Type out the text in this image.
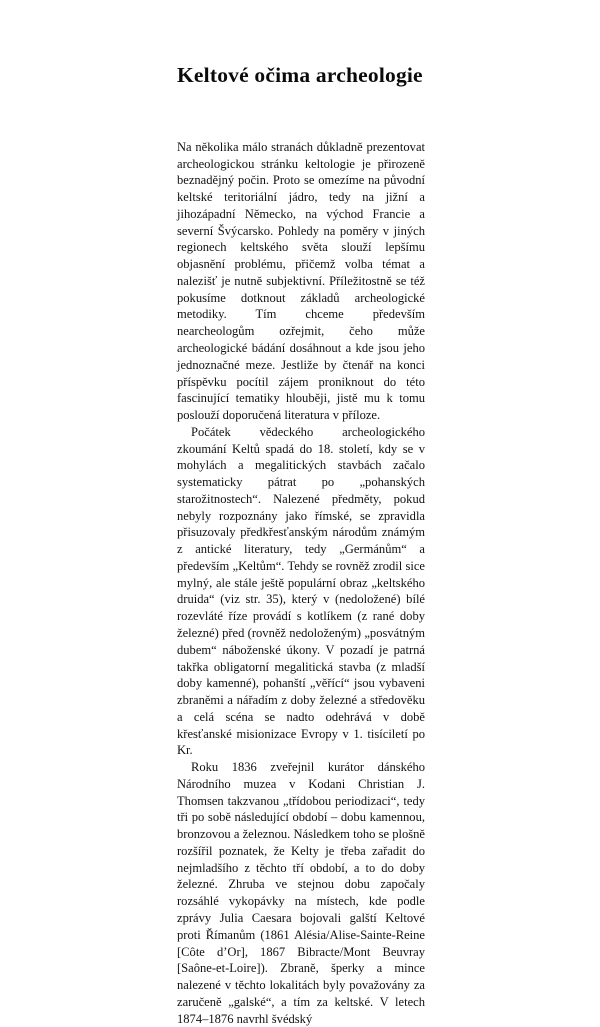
Keltové očima archeologie

Na několika málo stranách důkladně prezentovat archeologickou stránku keltologie je přirozeně beznadějný počin. Proto se omezíme na původní keltské teritoriální jádro, tedy na jižní a jihozápadní Německo, na východ Francie a severní Švýcarsko. Pohledy na poměry v jiných regionech keltského světa slouží lepšímu objasnění problému, přičemž volba témat a nalezišť je nutně subjektivní. Příležitostně se též pokusíme dotknout základů archeologické metodiky. Tím chceme především nearcheologům ozřejmit, čeho může archeologické bádání dosáhnout a kde jsou jeho jednoznačné meze. Jestliže by čtenář na konci příspěvku pocítil zájem proniknout do této fascinující tematiky hlouběji, jistě mu k tomu poslouží doporučená literatura v příloze.

Počátek vědeckého archeologického zkoumání Keltů spadá do 18. století, kdy se v mohylách a megalitických stavbách začalo systematicky pátrat po „pohanských starožitnostech“. Nalezené předměty, pokud nebyly rozpoznány jako římské, se zpravidla přisuzovaly předkřesťanským národům známým z antické literatury, tedy „Germánům“ a především „Keltům“. Tehdy se rovněž zrodil sice mylný, ale stále ještě populární obraz „keltského druida“ (viz str. 35), který v (nedoložené) bílé rozevláté říze provádí s kotlíkem (z rané doby železné) před (rovněž nedoloženým) „posvátným dubem“ náboženské úkony. V pozadí je patrná takřka obligatorní megalitická stavba (z mladší doby kamenné), pohanští „věřící“ jsou vybaveni zbraněmi a nářadím z doby železné a středověku a celá scéna se nadto odehrává v době křesťanské misionizace Evropy v 1. tisíciletí po Kr.

Roku 1836 zveřejnil kurátor dánského Národního muzea v Kodani Christian J. Thomsen takzvanou „třídobou periodizaci“, tedy tři po sobě následující období – dobu kamennou, bronzovou a železnou. Následkem toho se plošně rozšířil poznatek, že Kelty je třeba zařadit do nejmladšího z těchto tří období, a to do doby železné. Zhruba ve stejnou dobu započaly rozsáhlé vykopávky na místech, kde podle zprávy Julia Caesara bojovali galští Keltové proti Římanům (1861 Alésia/Alise-Sainte-Reine [Côte d’Or], 1867 Bibracte/Mont Beuvray [Saône-et-Loire]). Zbraně, šperky a mince nalezené v těchto lokalitách byly považovány za zaručeně „galské“, a tím za keltské. V letech 1874–1876 navrhl švédský
